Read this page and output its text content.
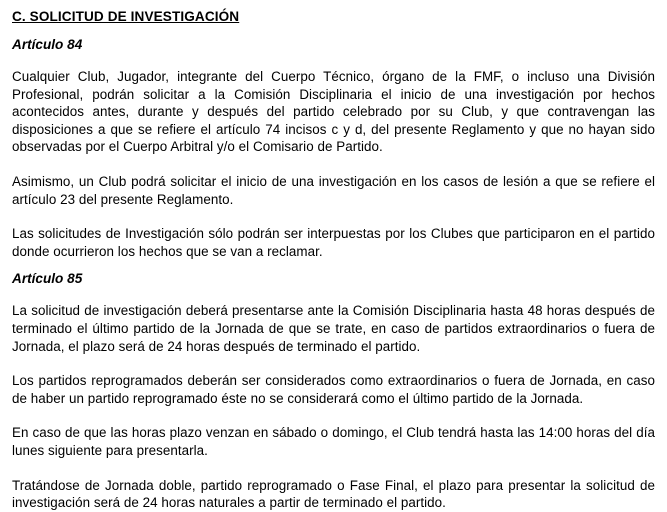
C. SOLICITUD DE INVESTIGACIÓN
Artículo 84

Cualquier Club, Jugador, integrante del Cuerpo Técnico, órgano de la FMF, o incluso una División Profesional, podrán solicitar a la Comisión Disciplinaria el inicio de una investigación por hechos acontecidos antes, durante y después del partido celebrado por su Club, y que contravengan las disposiciones a que se refiere el artículo 74 incisos c y d, del presente Reglamento y que no hayan sido observadas por el Cuerpo Arbitral y/o el Comisario de Partido.

Asimismo, un Club podrá solicitar el inicio de una investigación en los casos de lesión a que se refiere el artículo 23 del presente Reglamento.

Las solicitudes de Investigación sólo podrán ser interpuestas por los Clubes que participaron en el partido donde ocurrieron los hechos que se van a reclamar.

Artículo 85

La solicitud de investigación deberá presentarse ante la Comisión Disciplinaria hasta 48 horas después de terminado el último partido de la Jornada de que se trate, en caso de partidos extraordinarios o fuera de Jornada, el plazo será de 24 horas después de terminado el partido.

Los partidos reprogramados deberán ser considerados como extraordinarios o fuera de Jornada, en caso de haber un partido reprogramado éste no se considerará como el último partido de la Jornada.

En caso de que las horas plazo venzan en sábado o domingo, el Club tendrá hasta las 14:00 horas del día lunes siguiente para presentarla.

Tratándose de Jornada doble, partido reprogramado o Fase Final, el plazo para presentar la solicitud de investigación será de 24 horas naturales a partir de terminado el partido.
